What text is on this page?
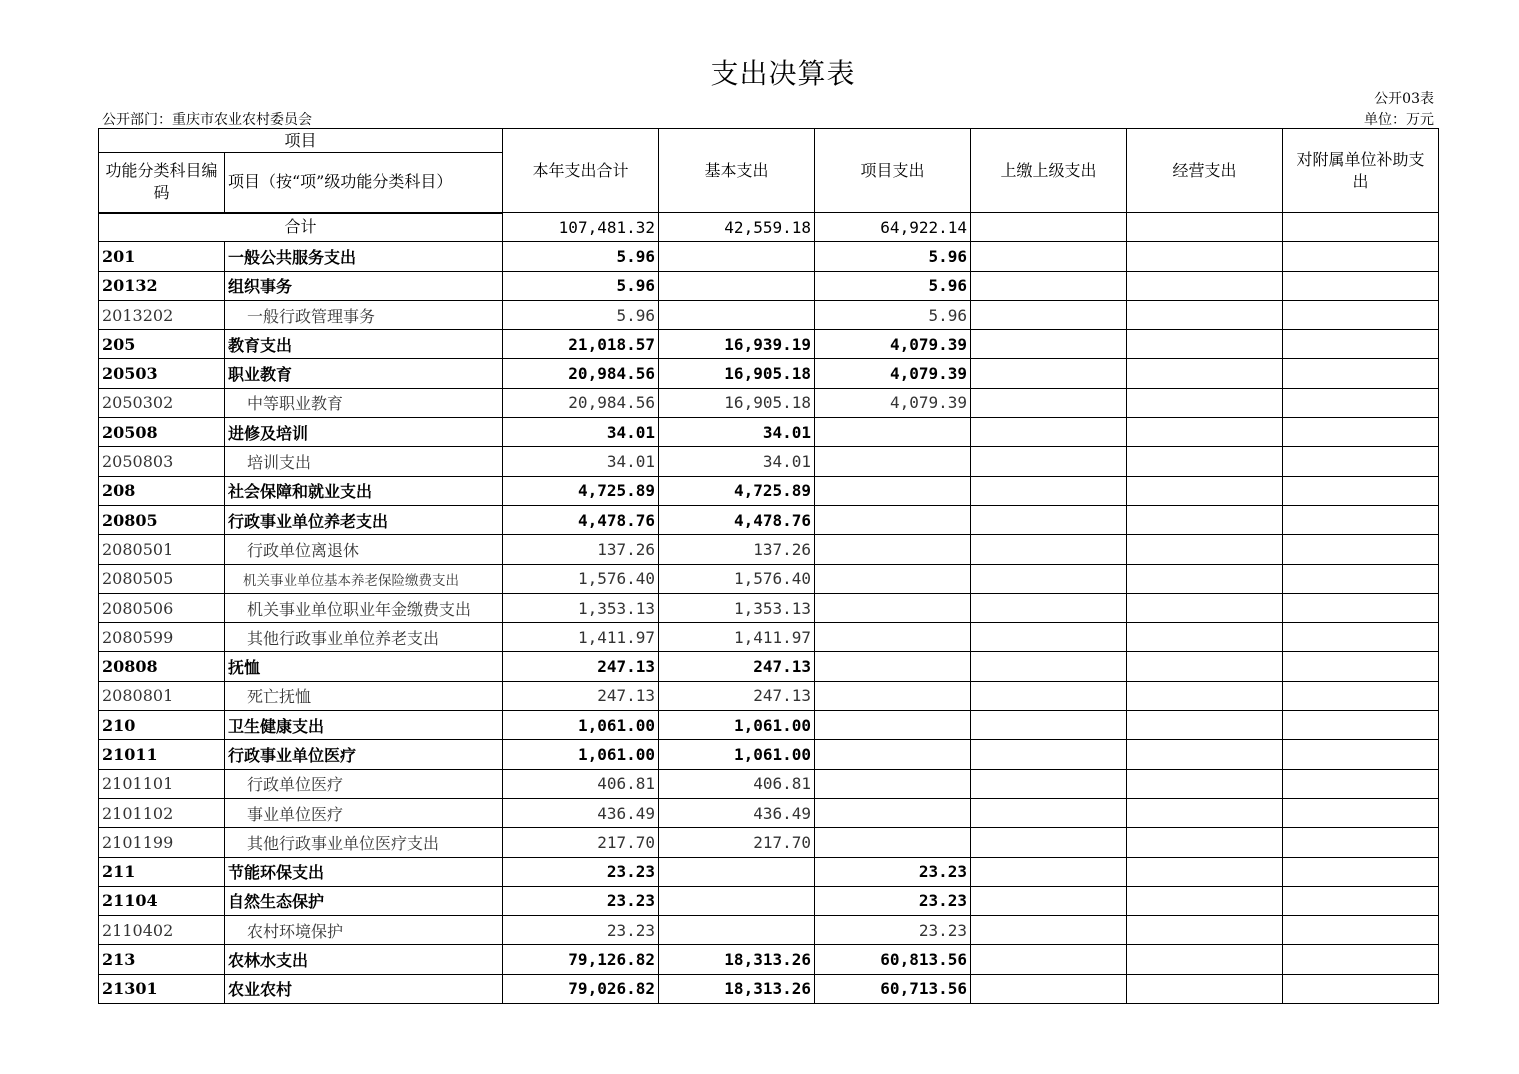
支出决算表
公开03表
公开部门：重庆市农业农村委员会	单位：万元
项目		本年支出合计	基本支出	项目支出	上缴上级支出	经营支出	对附属单位补助支出
功能分类科目编码	项目（按“项”级功能分类科目）						
合计		107,481.32	42,559.18	64,922.14			
201	一般公共服务支出	5.96		5.96			
20132	组织事务	5.96		5.96			
2013202	一般行政管理事务	5.96		5.96			
205	教育支出	21,018.57	16,939.19	4,079.39			
20503	职业教育	20,984.56	16,905.18	4,079.39			
2050302	中等职业教育	20,984.56	16,905.18	4,079.39			
20508	进修及培训	34.01	34.01				
2050803	培训支出	34.01	34.01				
208	社会保障和就业支出	4,725.89	4,725.89				
20805	行政事业单位养老支出	4,478.76	4,478.76				
2080501	行政单位离退休	137.26	137.26				
2080505	机关事业单位基本养老保险缴费支出	1,576.40	1,576.40				
2080506	机关事业单位职业年金缴费支出	1,353.13	1,353.13				
2080599	其他行政事业单位养老支出	1,411.97	1,411.97				
20808	抚恤	247.13	247.13				
2080801	死亡抚恤	247.13	247.13				
210	卫生健康支出	1,061.00	1,061.00				
21011	行政事业单位医疗	1,061.00	1,061.00				
2101101	行政单位医疗	406.81	406.81				
2101102	事业单位医疗	436.49	436.49				
2101199	其他行政事业单位医疗支出	217.70	217.70				
211	节能环保支出	23.23		23.23			
21104	自然生态保护	23.23		23.23			
2110402	农村环境保护	23.23		23.23			
213	农林水支出	79,126.82	18,313.26	60,813.56			
21301	农业农村	79,026.82	18,313.26	60,713.56			
